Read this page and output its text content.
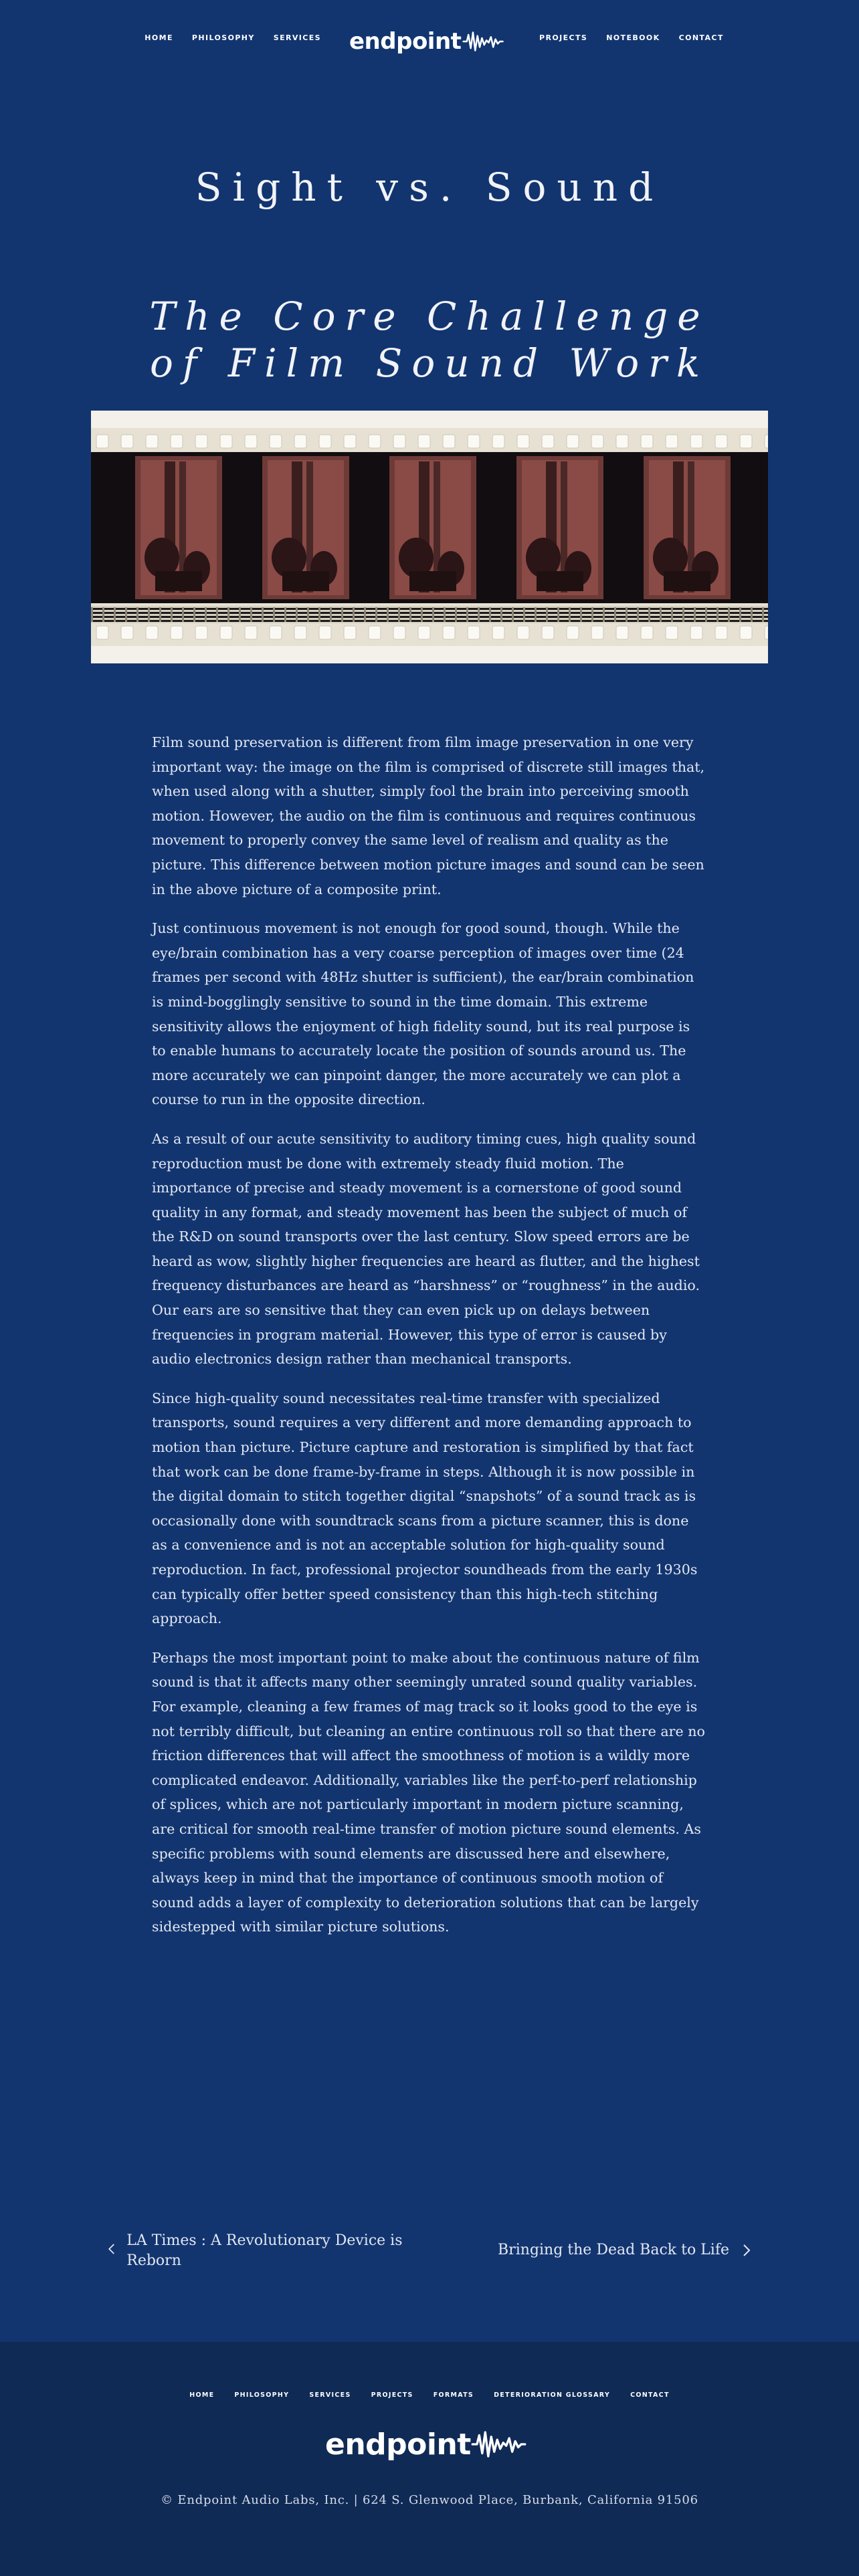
HOME	PHILOSOPHY	SERVICES endpoint	PROJECTS	NOTEBOOK	CONTACT
Sight vs. Sound
The Core Challenge
of Film Sound Work

Film sound preservation is different from film image preservation in one very important way: the image on the film is comprised of discrete still images that, when used along with a shutter, simply fool the brain into perceiving smooth motion. However, the audio on the film is continuous and requires continuous movement to properly convey the same level of realism and quality as the picture. This difference between motion picture images and sound can be seen in the above picture of a composite print.

Just continuous movement is not enough for good sound, though. While the eye/brain combination has a very coarse perception of images over time (24 frames per second with 48Hz shutter is sufficient), the ear/brain combination is mind-bogglingly sensitive to sound in the time domain. This extreme sensitivity allows the enjoyment of high fidelity sound, but its real purpose is to enable humans to accurately locate the position of sounds around us. The more accurately we can pinpoint danger, the more accurately we can plot a course to run in the opposite direction.

As a result of our acute sensitivity to auditory timing cues, high quality sound reproduction must be done with extremely steady fluid motion. The importance of precise and steady movement is a cornerstone of good sound quality in any format, and steady movement has been the subject of much of the R&D on sound transports over the last century. Slow speed errors are be heard as wow, slightly higher frequencies are heard as flutter, and the highest frequency disturbances are heard as “harshness” or “roughness” in the audio. Our ears are so sensitive that they can even pick up on delays between frequencies in program material. However, this type of error is caused by audio electronics design rather than mechanical transports.

Since high-quality sound necessitates real-time transfer with specialized transports, sound requires a very different and more demanding approach to motion than picture. Picture capture and restoration is simplified by that fact that work can be done frame-by-frame in steps. Although it is now possible in the digital domain to stitch together digital “snapshots” of a sound track as is occasionally done with soundtrack scans from a picture scanner, this is done as a convenience and is not an acceptable solution for high-quality sound reproduction. In fact, professional projector soundheads from the early 1930s can typically offer better speed consistency than this high-tech stitching approach.

Perhaps the most important point to make about the continuous nature of film sound is that it affects many other seemingly unrated sound quality variables. For example, cleaning a few frames of mag track so it looks good to the eye is not terribly difficult, but cleaning an entire continuous roll so that there are no friction differences that will affect the smoothness of motion is a wildly more complicated endeavor. Additionally, variables like the perf-to-perf relationship of splices, which are not particularly important in modern picture scanning, are critical for smooth real-time transfer of motion picture sound elements. As specific problems with sound elements are discussed here and elsewhere, always keep in mind that the importance of continuous smooth motion of sound adds a layer of complexity to deterioration solutions that can be largely sidestepped with similar picture solutions.

LA Times : A Revolutionary Device is Reborn
Bringing the Dead Back to Life
HOME	PHILOSOPHY	SERVICES	PROJECTS	FORMATS	DETERIORATION GLOSSARY	CONTACT
endpoint
© Endpoint Audio Labs, Inc. | 624 S. Glenwood Place, Burbank, California 91506
